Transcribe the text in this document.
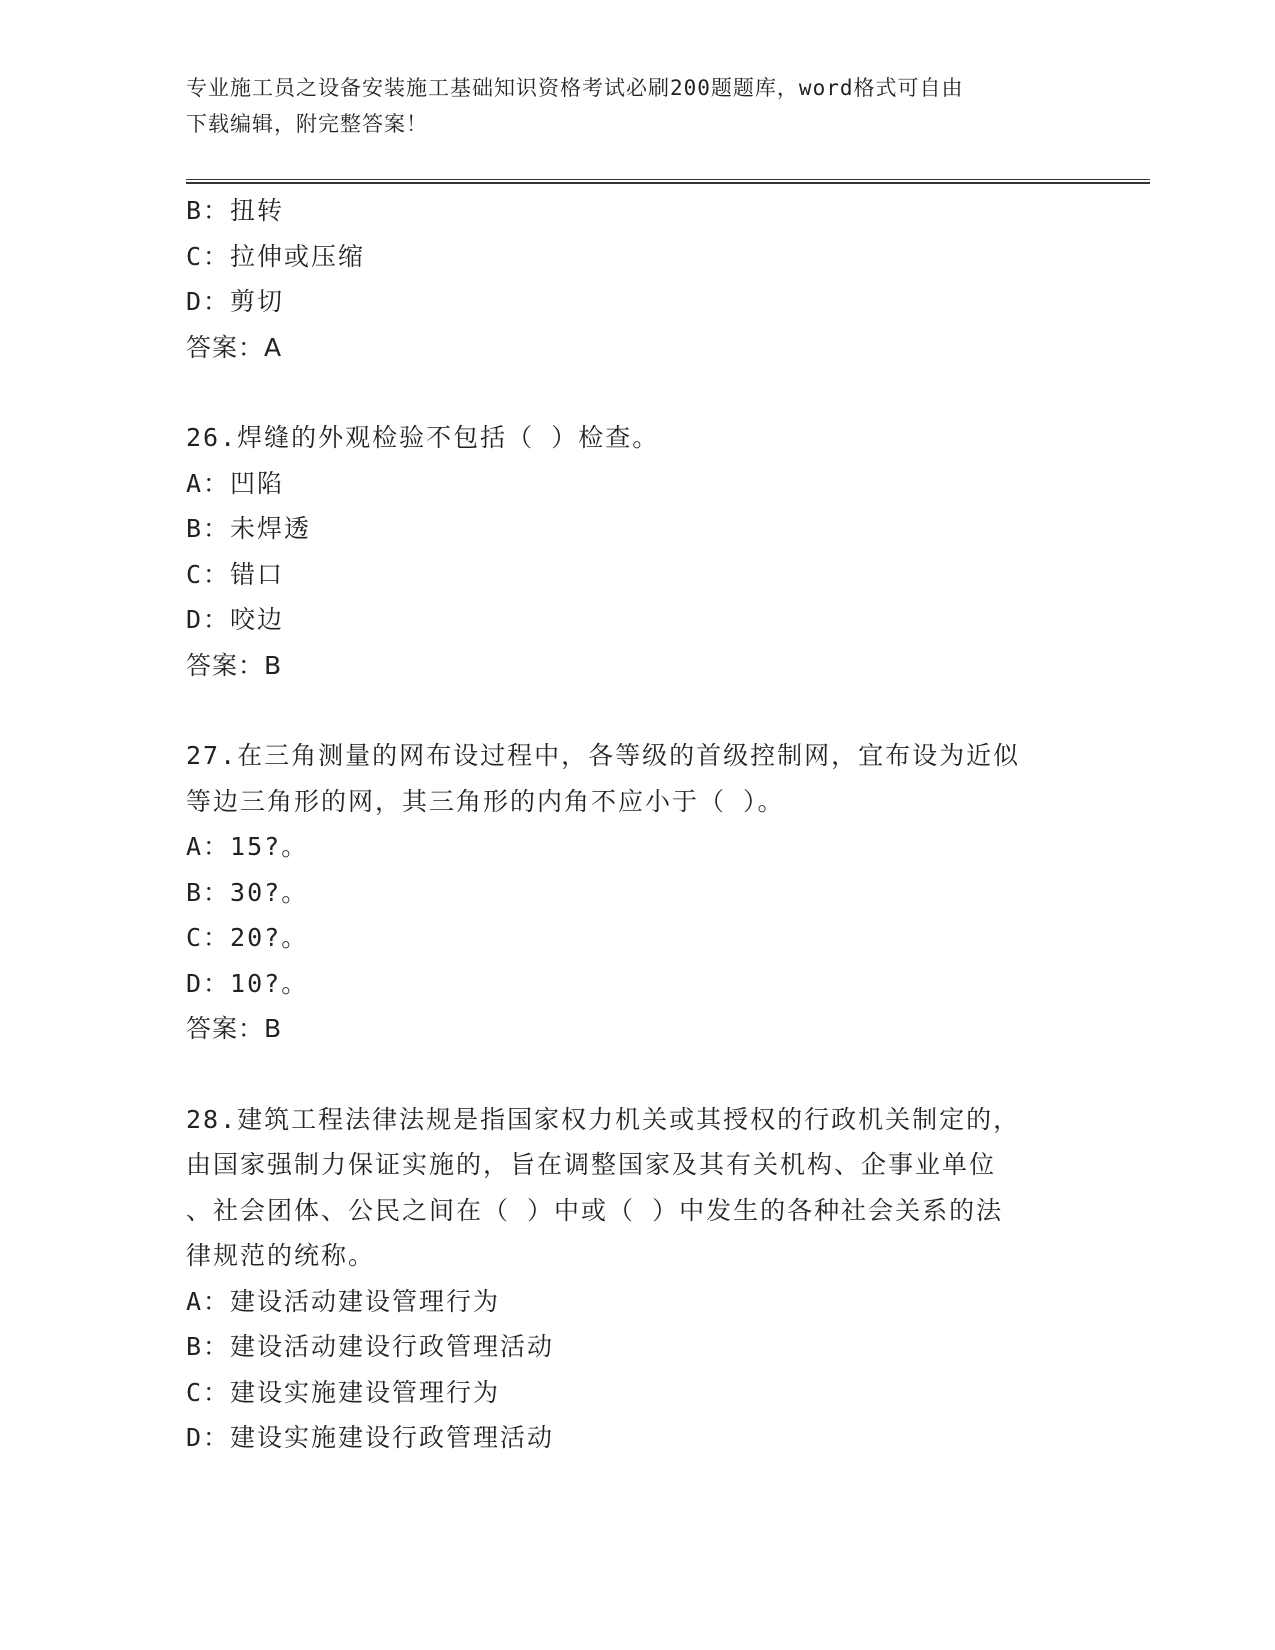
专业施工员之设备安装施工基础知识资格考试必刷200题题库，word格式可自由
下载编辑，附完整答案！
B：扭转
C：拉伸或压缩
D：剪切
答案：A
26.焊缝的外观检验不包括（ ）检查。
A：凹陷
B：未焊透
C：错口
D：咬边
答案：B
27.在三角测量的网布设过程中，各等级的首级控制网，宜布设为近似
等边三角形的网，其三角形的内角不应小于（ ）。
A：15?。
B：30?。
C：20?。
D：10?。
答案：B
28.建筑工程法律法规是指国家权力机关或其授权的行政机关制定的，
由国家强制力保证实施的，旨在调整国家及其有关机构、企事业单位
、社会团体、公民之间在（ ）中或（ ）中发生的各种社会关系的法
律规范的统称。
A：建设活动建设管理行为
B：建设活动建设行政管理活动
C：建设实施建设管理行为
D：建设实施建设行政管理活动
